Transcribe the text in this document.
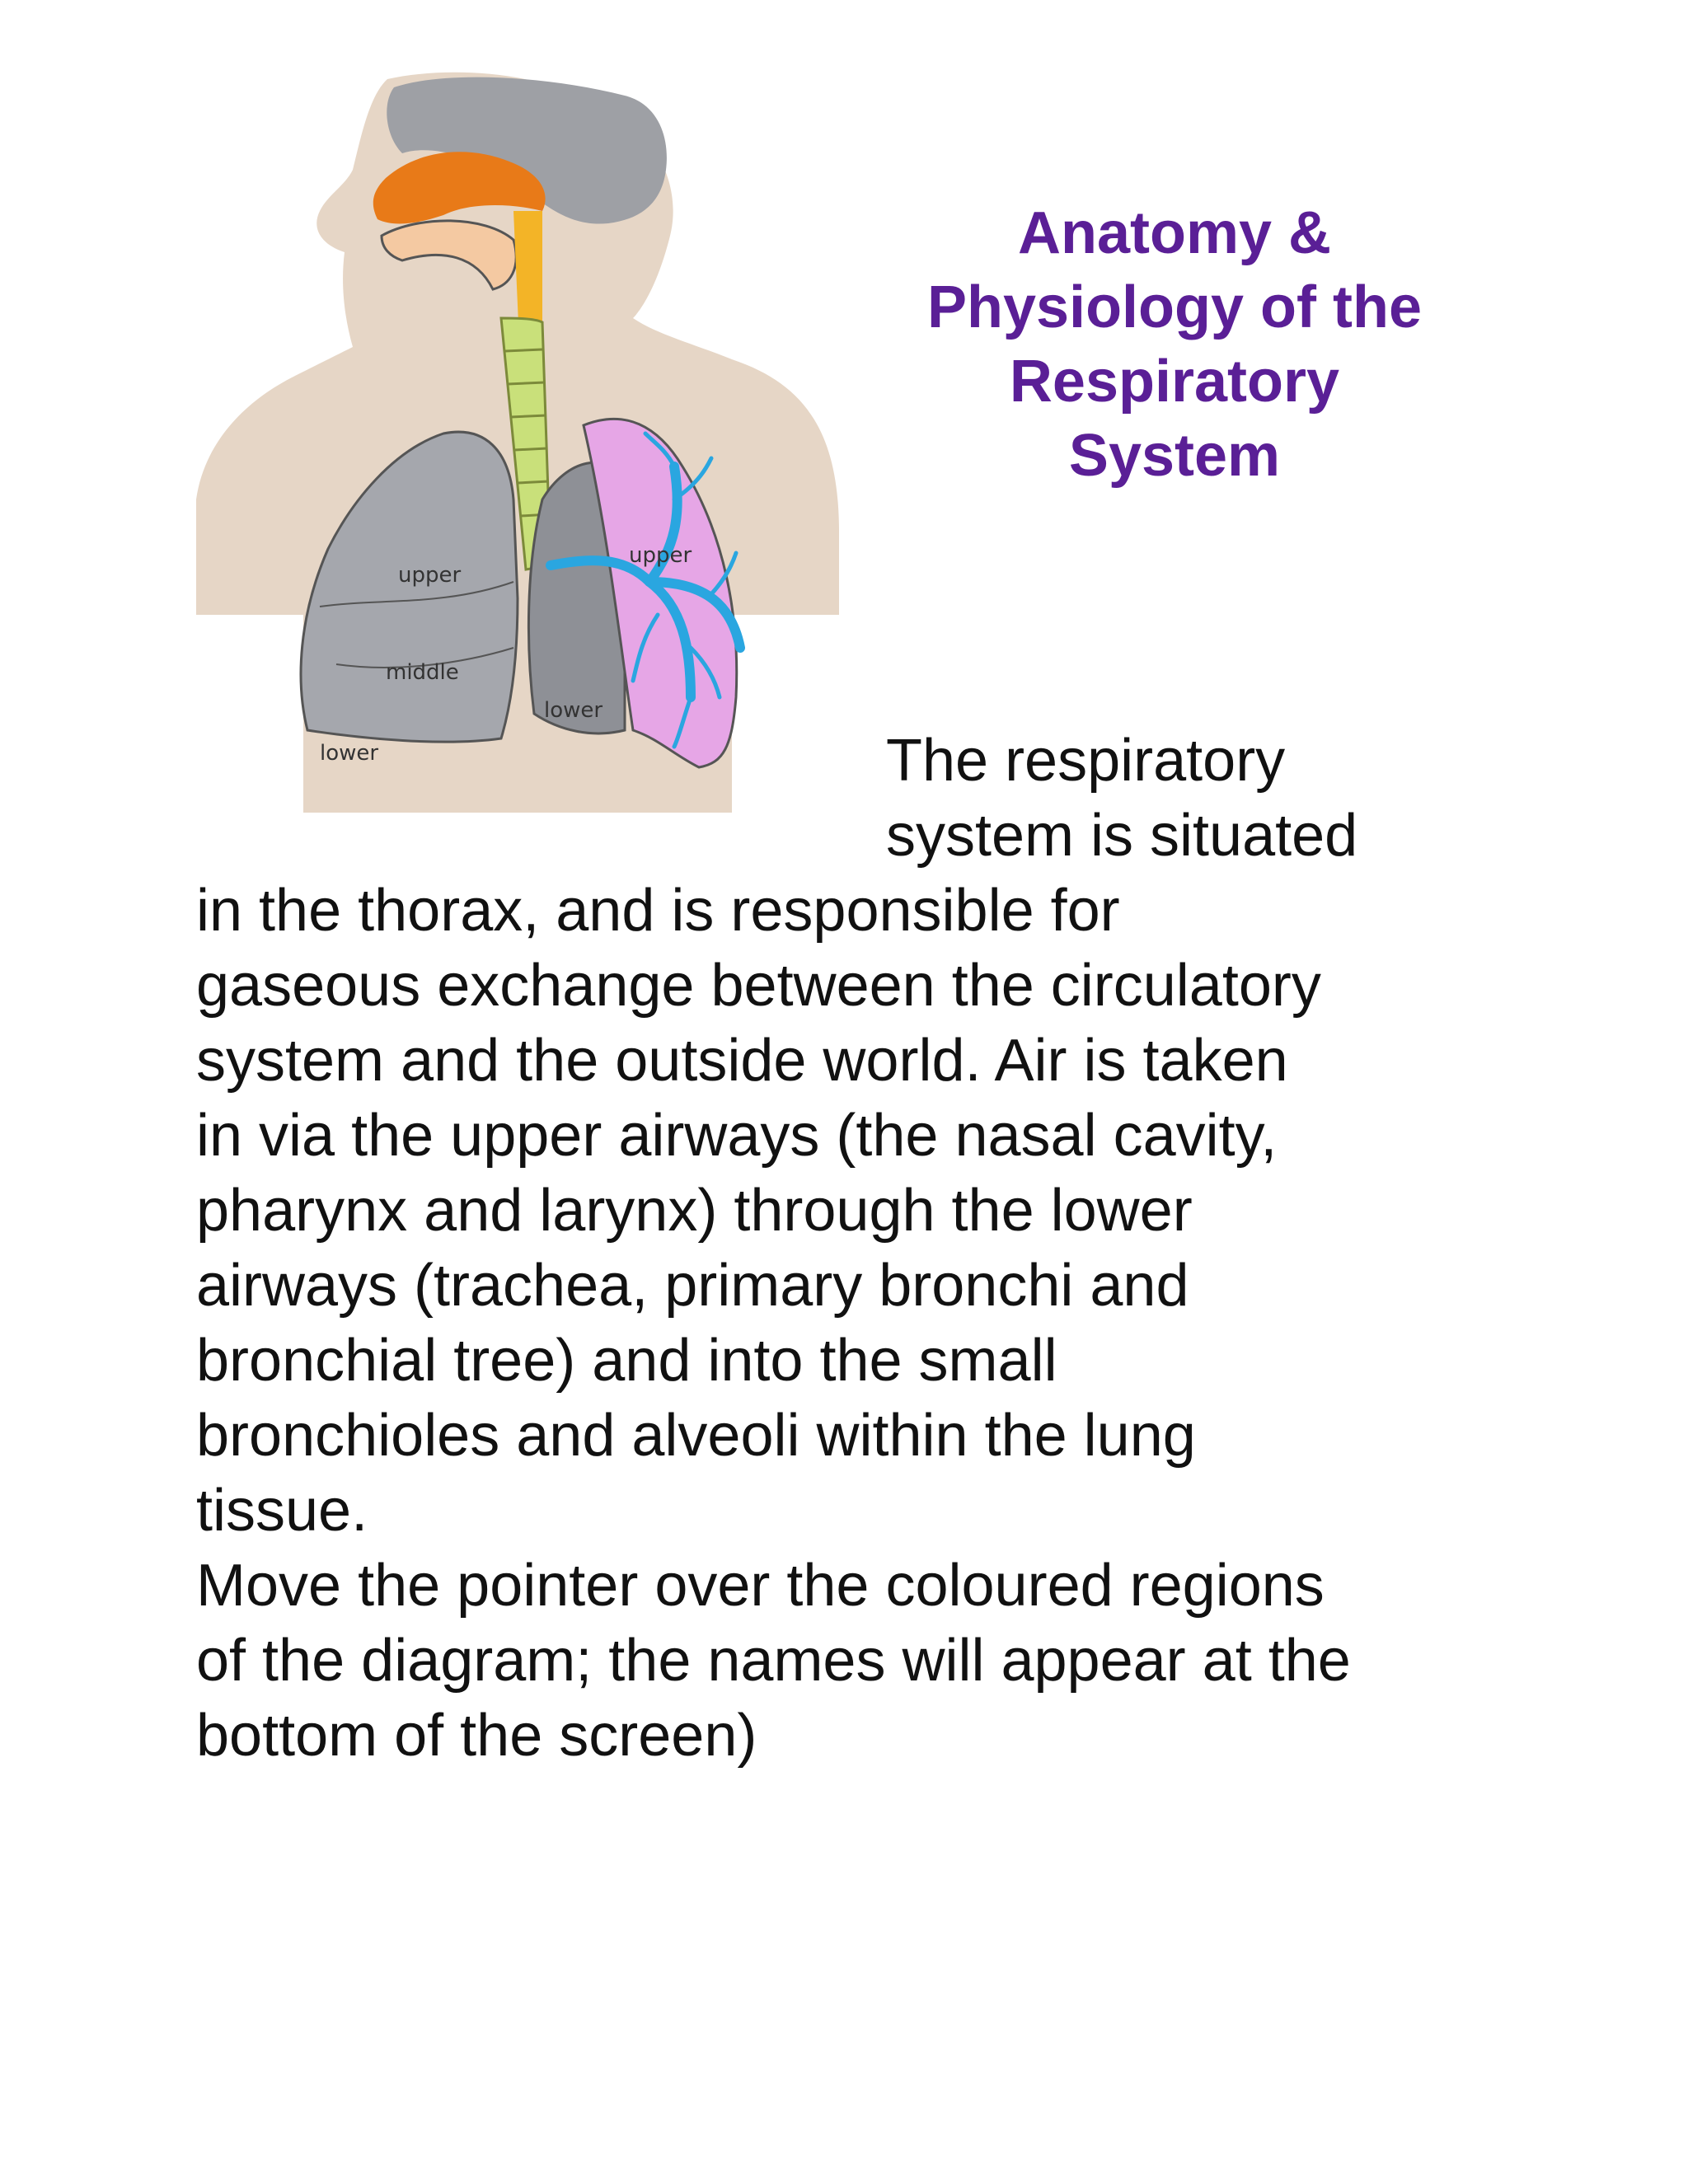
upper
middle
lower
upper
lower
Anatomy &
Physiology of the
Respiratory
System

The respiratory
system is situated

in the thorax, and is responsible for
gaseous exchange between the circulatory
system and the outside world. Air is taken
in via the upper airways (the nasal cavity,
pharynx and larynx) through the lower
airways (trachea, primary bronchi and
bronchial tree) and into the small
bronchioles and alveoli within the lung
tissue.
Move the pointer over the coloured regions
of the diagram; the names will appear at the
bottom of the screen)
